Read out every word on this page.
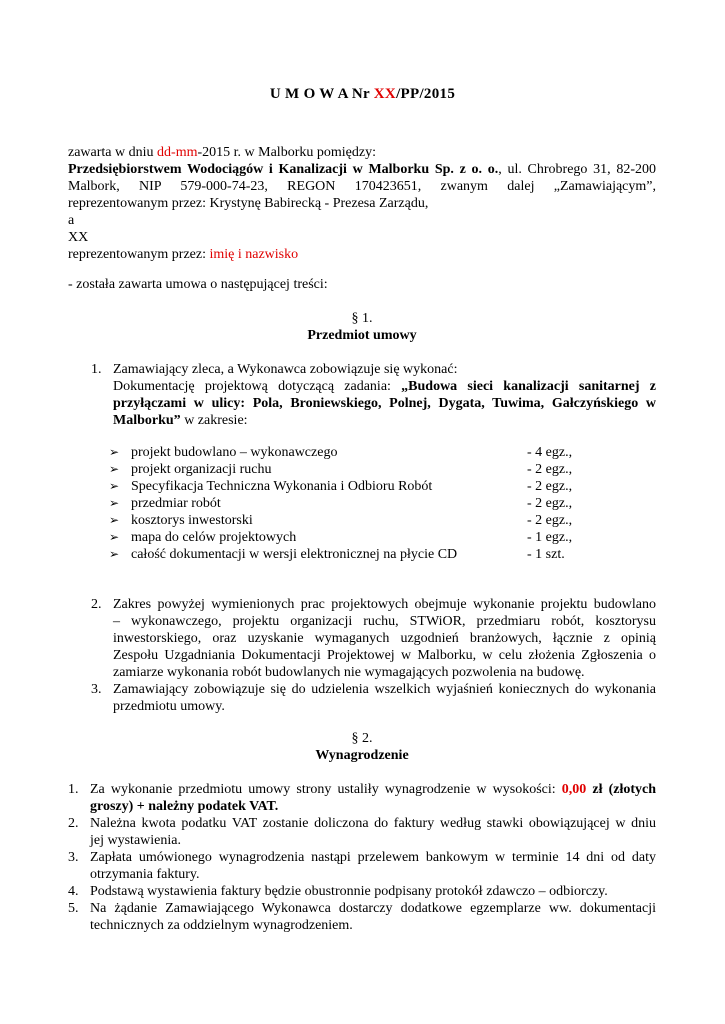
U M O W A Nr XX/PP/2015
zawarta w dniu dd-mm-2015 r. w Malborku pomiędzy:
Przedsiębiorstwem Wodociągów i Kanalizacji w Malborku Sp. z o. o., ul. Chrobrego 31, 82-200
Malbork, NIP 579-000-74-23, REGON 170423651, zwanym dalej „Zamawiającym”,
reprezentowanym przez: Krystynę Babirecką - Prezesa Zarządu,
a
XX
reprezentowanym przez: imię i nazwisko
- została zawarta umowa o następującej treści:
§ 1.
Przedmiot umowy
1. Zamawiający zleca, a Wykonawca zobowiązuje się wykonać:
Dokumentację projektową dotyczącą zadania: „Budowa sieci kanalizacji sanitarnej z
przyłączami w ulicy: Pola, Broniewskiego, Polnej, Dygata, Tuwima, Gałczyńskiego w
Malborku” w zakresie:
➢ projekt budowlano – wykonawczego	- 4 egz.,
➢ projekt organizacji ruchu	- 2 egz.,
➢ Specyfikacja Techniczna Wykonania i Odbioru Robót	- 2 egz.,
➢ przedmiar robót	- 2 egz.,
➢ kosztorys inwestorski	- 2 egz.,
➢ mapa do celów projektowych	- 1 egz.,
➢ całość dokumentacji w wersji elektronicznej na płycie CD	- 1 szt.
2. Zakres powyżej wymienionych prac projektowych obejmuje wykonanie projektu budowlano
– wykonawczego, projektu organizacji ruchu, STWiOR, przedmiaru robót, kosztorysu
inwestorskiego, oraz uzyskanie wymaganych uzgodnień branżowych, łącznie z opinią
Zespołu Uzgadniania Dokumentacji Projektowej w Malborku, w celu złożenia Zgłoszenia o
zamiarze wykonania robót budowlanych nie wymagających pozwolenia na budowę.
3. Zamawiający zobowiązuje się do udzielenia wszelkich wyjaśnień koniecznych do wykonania
przedmiotu umowy.
§ 2.
Wynagrodzenie
1. Za wykonanie przedmiotu umowy strony ustaliły wynagrodzenie w wysokości: 0,00 zł (złotych
groszy) + należny podatek VAT.
2. Należna kwota podatku VAT zostanie doliczona do faktury według stawki obowiązującej w dniu
jej wystawienia.
3. Zapłata umówionego wynagrodzenia nastąpi przelewem bankowym w terminie 14 dni od daty
otrzymania faktury.
4. Podstawą wystawienia faktury będzie obustronnie podpisany protokół zdawczo – odbiorczy.
5. Na żądanie Zamawiającego Wykonawca dostarczy dodatkowe egzemplarze ww. dokumentacji
technicznych za oddzielnym wynagrodzeniem.
